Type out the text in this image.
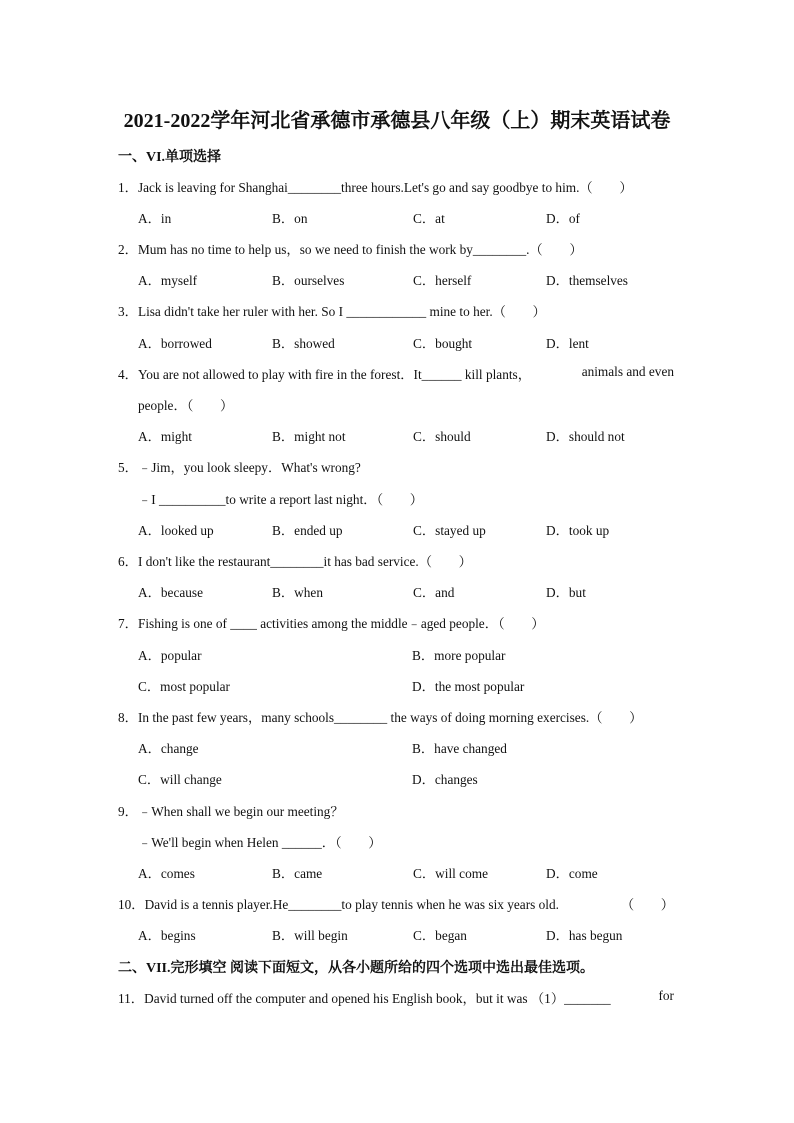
2021-2022学年河北省承德市承德县八年级（上）期末英语试卷
一、VI.单项选择
1．Jack is leaving for Shanghai________three hours.Let's go and say goodbye to him.（　　）
A．in	B．on	C．at	D．of
2．Mum has no time to help us，so we need to finish the work by________.（　　）
A．myself	B．ourselves	C．herself	D．themselves
3．Lisa didn't take her ruler with her. So I ____________ mine to her.（　　）
A．borrowed	B．showed	C．bought	D．lent
4．You are not allowed to play with fire in the forest．It______ kill plants，	animals and even
people．（　　）
A．might	B．might not	C．should	D．should not
5．﹣Jim，you look sleepy．What's wrong?
﹣I __________to write a report last night．（　　）
A．looked up	B．ended up	C．stayed up	D．took up
6．I don't like the restaurant________it has bad service.（　　）
A．because	B．when	C．and	D．but
7．Fishing is one of ____ activities among the middle﹣aged people．（　　）
A．popular	B．more popular
C．most popular	D．the most popular
8．In the past few years，many schools________ the ways of doing morning exercises.（　　）
A．change	B．have changed
C．will change	D．changes
9．﹣When shall we begin our meeting？
﹣We'll begin when Helen ______．（　　）
A．comes	B．came	C．will come	D．come
10．David is a tennis player.He________to play tennis when he was six years old.	（　　）
A．begins	B．will begin	C．began	D．has begun
二、VII.完形填空 阅读下面短文，从各小题所给的四个选项中选出最佳选项。
11．David turned off the computer and opened his English book，but it was （1）_______	for
